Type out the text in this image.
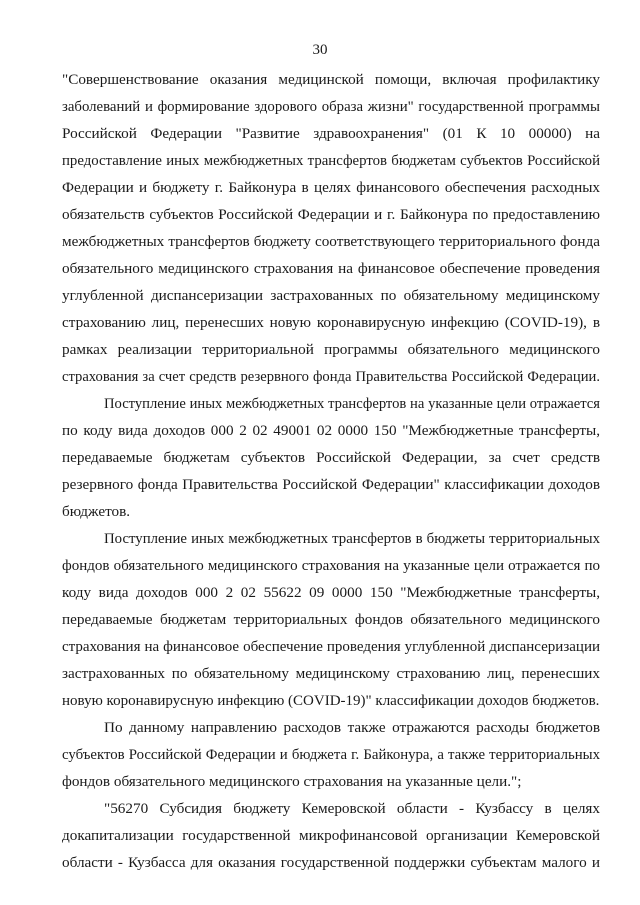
30
"Совершенствование оказания медицинской помощи, включая профилактику
заболеваний и формирование здорового образа жизни" государственной программы
Российской Федерации "Развитие здравоохранения" (01 К 10 00000) на
предоставление иных межбюджетных трансфертов бюджетам субъектов Российской
Федерации и бюджету г. Байконура в целях финансового обеспечения расходных
обязательств субъектов Российской Федерации и г. Байконура по предоставлению
межбюджетных трансфертов бюджету соответствующего территориального фонда
обязательного медицинского страхования на финансовое обеспечение проведения
углубленной диспансеризации застрахованных по обязательному медицинскому
страхованию лиц, перенесших новую коронавирусную инфекцию (COVID-19), в
рамках реализации территориальной программы обязательного медицинского
страхования за счет средств резервного фонда Правительства Российской Федерации.
Поступление иных межбюджетных трансфертов на указанные цели отражается
по коду вида доходов 000 2 02 49001 02 0000 150 "Межбюджетные трансферты,
передаваемые бюджетам субъектов Российской Федерации, за счет средств
резервного фонда Правительства Российской Федерации" классификации доходов
бюджетов.
Поступление иных межбюджетных трансфертов в бюджеты территориальных
фондов обязательного медицинского страхования на указанные цели отражается по
коду вида доходов 000 2 02 55622 09 0000 150 "Межбюджетные трансферты,
передаваемые бюджетам территориальных фондов обязательного медицинского
страхования на финансовое обеспечение проведения углубленной диспансеризации
застрахованных по обязательному медицинскому страхованию лиц, перенесших
новую коронавирусную инфекцию (COVID-19)" классификации доходов бюджетов.
По данному направлению расходов также отражаются расходы бюджетов
субъектов Российской Федерации и бюджета г. Байконура, а также территориальных
фондов обязательного медицинского страхования на указанные цели.";
"56270 Субсидия бюджету Кемеровской области - Кузбассу в целях
докапитализации государственной микрофинансовой организации Кемеровской
области - Кузбасса для оказания государственной поддержки субъектам малого и
